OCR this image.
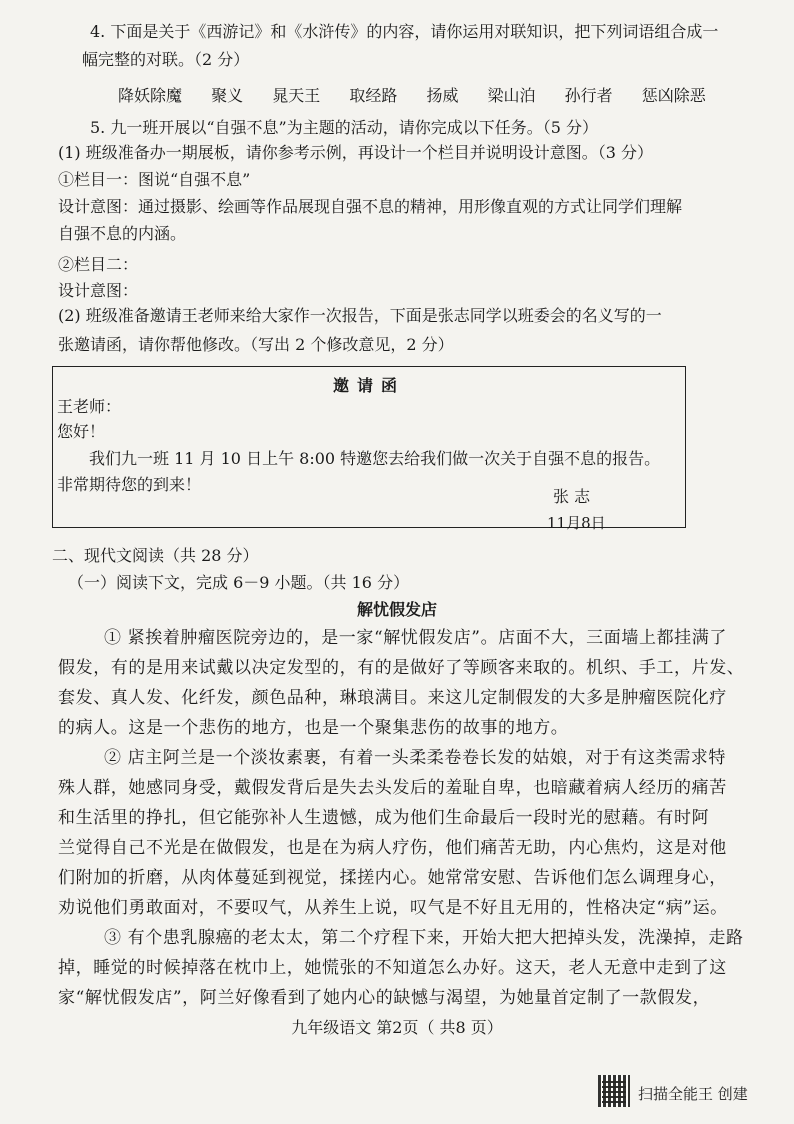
4. 下面是关于《西游记》和《水浒传》的内容，请你运用对联知识，把下列词语组合成一
幅完整的对联。（2 分）
降妖除魔 聚义 晁天王 取经路 扬威 梁山泊 孙行者 惩凶除恶
5. 九一班开展以“自强不息”为主题的活动，请你完成以下任务。（5 分）
(1) 班级准备办一期展板，请你参考示例，再设计一个栏目并说明设计意图。（3 分）
①栏目一：图说“自强不息”
设计意图：通过摄影、绘画等作品展现自强不息的精神，用形像直观的方式让同学们理解
自强不息的内涵。
②栏目二：
设计意图：
(2) 班级准备邀请王老师来给大家作一次报告，下面是张志同学以班委会的名义写的一
张邀请函，请你帮他修改。（写出 2 个修改意见，2 分）
邀请函
王老师：
您好！
我们九一班 11 月 10 日上午 8:00 特邀您去给我们做一次关于自强不息的报告。
非常期待您的到来！
张 志
11月8日
二、现代文阅读（共 28 分）
（一）阅读下文，完成 6－9 小题。（共 16 分）
解忧假发店
① 紧挨着肿瘤医院旁边的，是一家“解忧假发店”。店面不大，三面墙上都挂满了
假发，有的是用来试戴以决定发型的，有的是做好了等顾客来取的。机织、手工，片发、
套发、真人发、化纤发，颜色品种，琳琅满目。来这儿定制假发的大多是肿瘤医院化疗
的病人。这是一个悲伤的地方，也是一个聚集悲伤的故事的地方。
② 店主阿兰是一个淡妆素裹，有着一头柔柔卷卷长发的姑娘，对于有这类需求特
殊人群，她感同身受，戴假发背后是失去头发后的羞耻自卑，也暗藏着病人经历的痛苦
和生活里的挣扎，但它能弥补人生遗憾，成为他们生命最后一段时光的慰藉。有时阿
兰觉得自己不光是在做假发，也是在为病人疗伤，他们痛苦无助，内心焦灼，这是对他
们附加的折磨，从肉体蔓延到视觉，揉搓内心。她常常安慰、告诉他们怎么调理身心，
劝说他们勇敢面对，不要叹气，从养生上说，叹气是不好且无用的，性格决定“病”运。
③ 有个患乳腺癌的老太太，第二个疗程下来，开始大把大把掉头发，洗澡掉，走路
掉，睡觉的时候掉落在枕巾上，她慌张的不知道怎么办好。这天，老人无意中走到了这
家“解忧假发店”，阿兰好像看到了她内心的缺憾与渴望，为她量首定制了一款假发，
九年级语文 第2页（ 共8 页）
扫描全能王 创建
